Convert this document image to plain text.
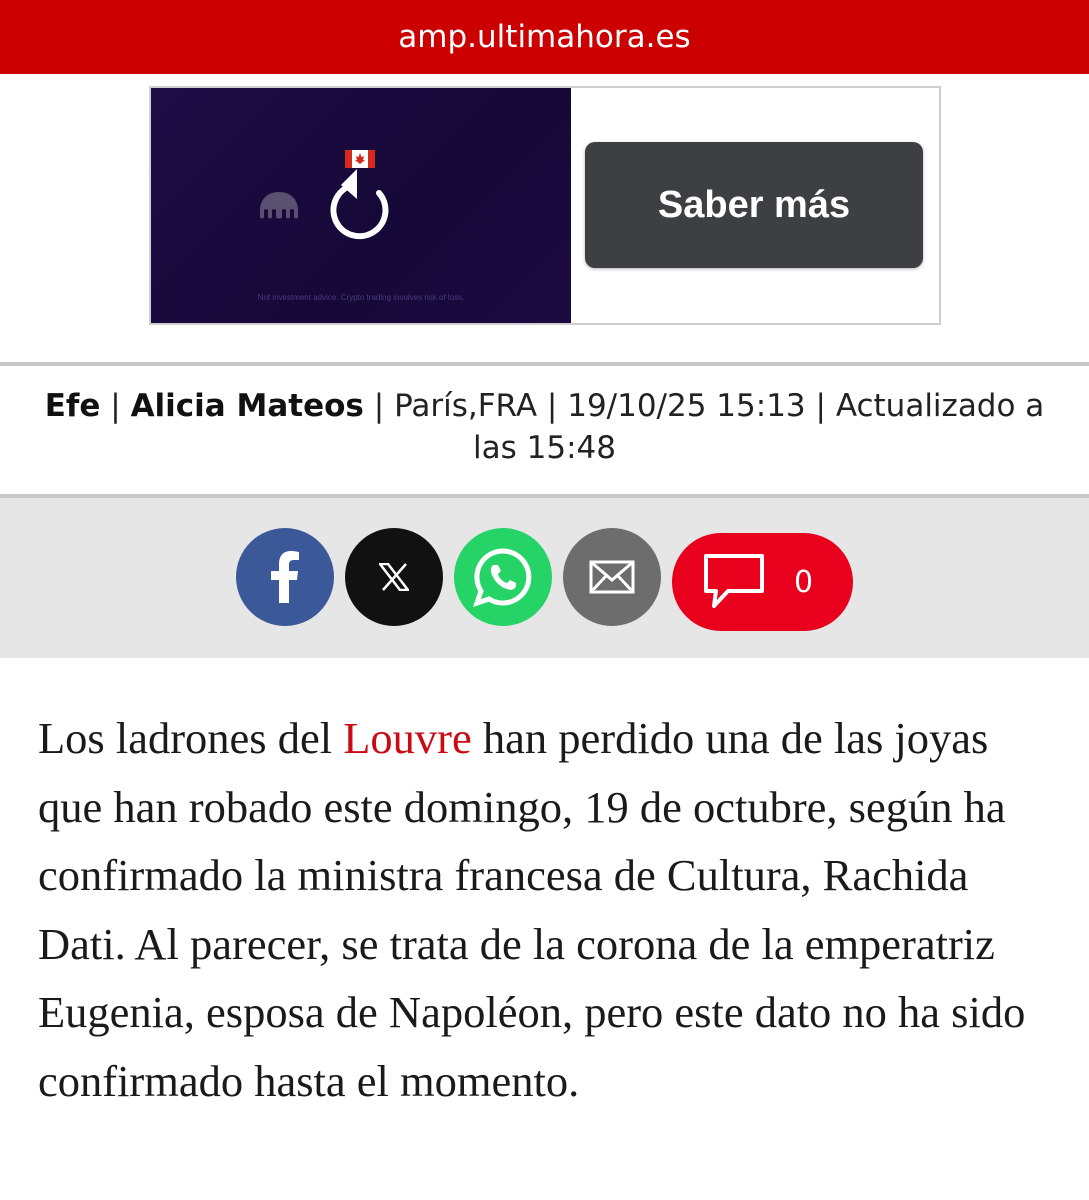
amp.ultimahora.es
Not investment advice. Crypto trading involves risk of loss.
Saber más
Efe | Alicia Mateos | París,FRA | 19/10/25 15:13 | Actualizado a las 15:48
0

Los ladrones del Louvre han perdido una de las joyas que han robado este domingo, 19 de octubre, según ha confirmado la ministra francesa de Cultura, Rachida Dati. Al parecer, se trata de la corona de la emperatriz Eugenia, esposa de Napoléon, pero este dato no ha sido confirmado hasta el momento.
